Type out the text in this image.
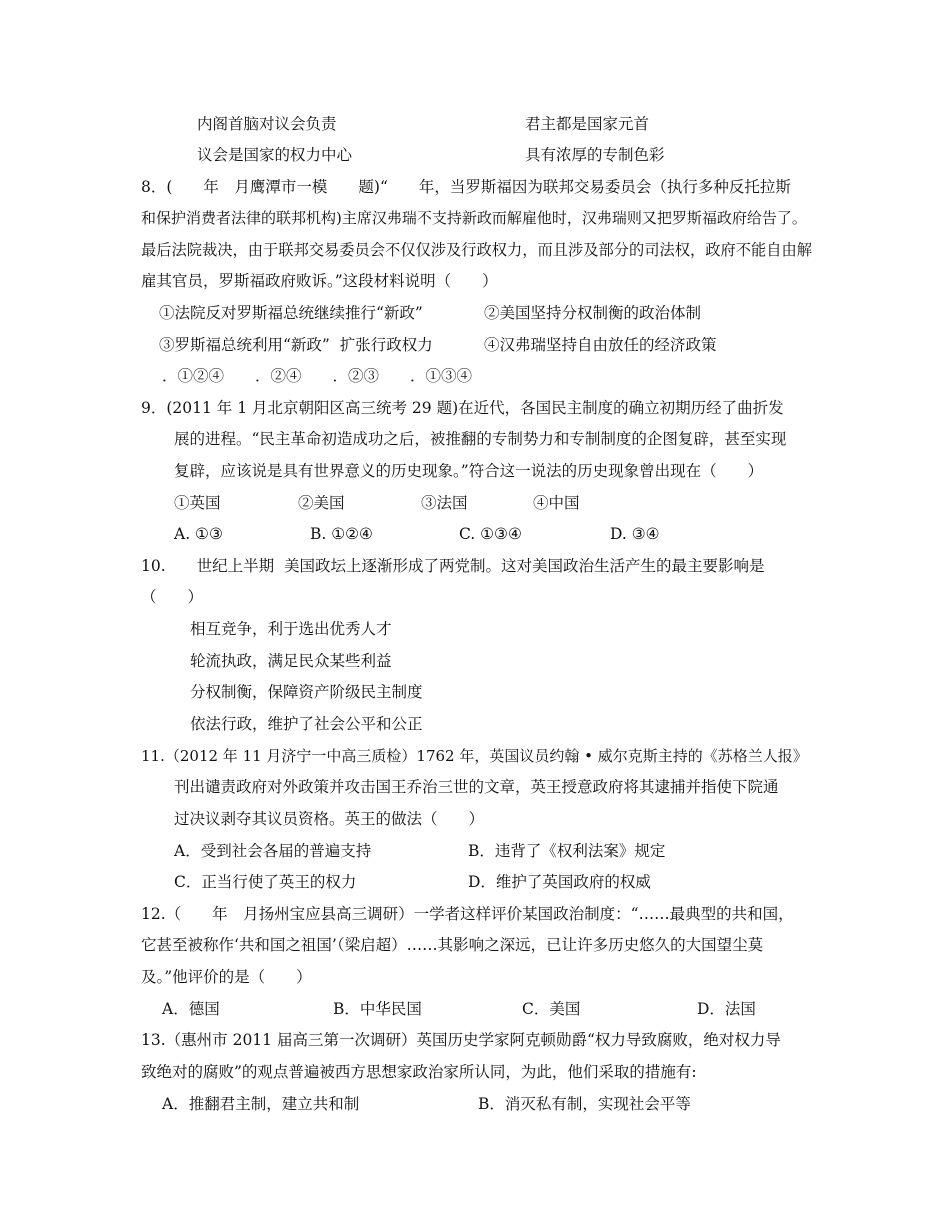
内阁首脑对议会负责	君主都是国家元首
议会是国家的权力中心	具有浓厚的专制色彩
8．(　　年　月鹰潭市一模　　题)“　　年，当罗斯福因为联邦交易委员会（执行多种反托拉斯
和保护消费者法律的联邦机构)主席汉弗瑞不支持新政而解雇他时，汉弗瑞则又把罗斯福政府给告了。
最后法院裁决，由于联邦交易委员会不仅仅涉及行政权力，而且涉及部分的司法权，政府不能自由解
雇其官员，罗斯福政府败诉。”这段材料说明（　　）
①法院反对罗斯福总统继续推行“新政”	②美国坚持分权制衡的政治体制
③罗斯福总统利用“新政”  扩张行政权力	④汉弗瑞坚持自由放任的经济政策
．①②④　　．②④　　．②③　　．①③④
9．(2011 年 1 月北京朝阳区高三统考 29 题)在近代，各国民主制度的确立初期历经了曲折发
展的进程。“民主革命初造成功之后，被推翻的专制势力和专制制度的企图复辟，甚至实现
复辟，应该说是具有世界意义的历史现象。”符合这一说法的历史现象曾出现在（　　）
①英国	②美国	③法国	④中国
A. ①③	B. ①②④	C. ①③④	D. ③④
10.　　世纪上半期  美国政坛上逐渐形成了两党制。这对美国政治生活产生的最主要影响是
（　　）
相互竞争，利于选出优秀人才
轮流执政，满足民众某些利益
分权制衡，保障资产阶级民主制度
依法行政，维护了社会公平和公正
11.（2012 年 11 月济宁一中高三质检）1762 年，英国议员约翰 • 威尔克斯主持的《苏格兰人报》
刊出谴责政府对外政策并攻击国王乔治三世的文章，英王授意政府将其逮捕并指使下院通
过决议剥夺其议员资格。英王的做法（　　）
A．受到社会各届的普遍支持	B．违背了《权利法案》规定
C．正当行使了英王的权力	D．维护了英国政府的权威
12.（　　年　月扬州宝应县高三调研）一学者这样评价某国政治制度：“……最典型的共和国，
它甚至被称作‘共和国之祖国’（梁启超）……其影响之深远，已让许多历史悠久的大国望尘莫
及。”他评价的是（　　）
A．德国	B．中华民国	C．美国	D．法国
13.（惠州市 2011 届高三第一次调研）英国历史学家阿克顿勋爵“权力导致腐败，绝对权力导
致绝对的腐败”的观点普遍被西方思想家政治家所认同，为此，他们采取的措施有:
A．推翻君主制，建立共和制	B．消灭私有制，实现社会平等
